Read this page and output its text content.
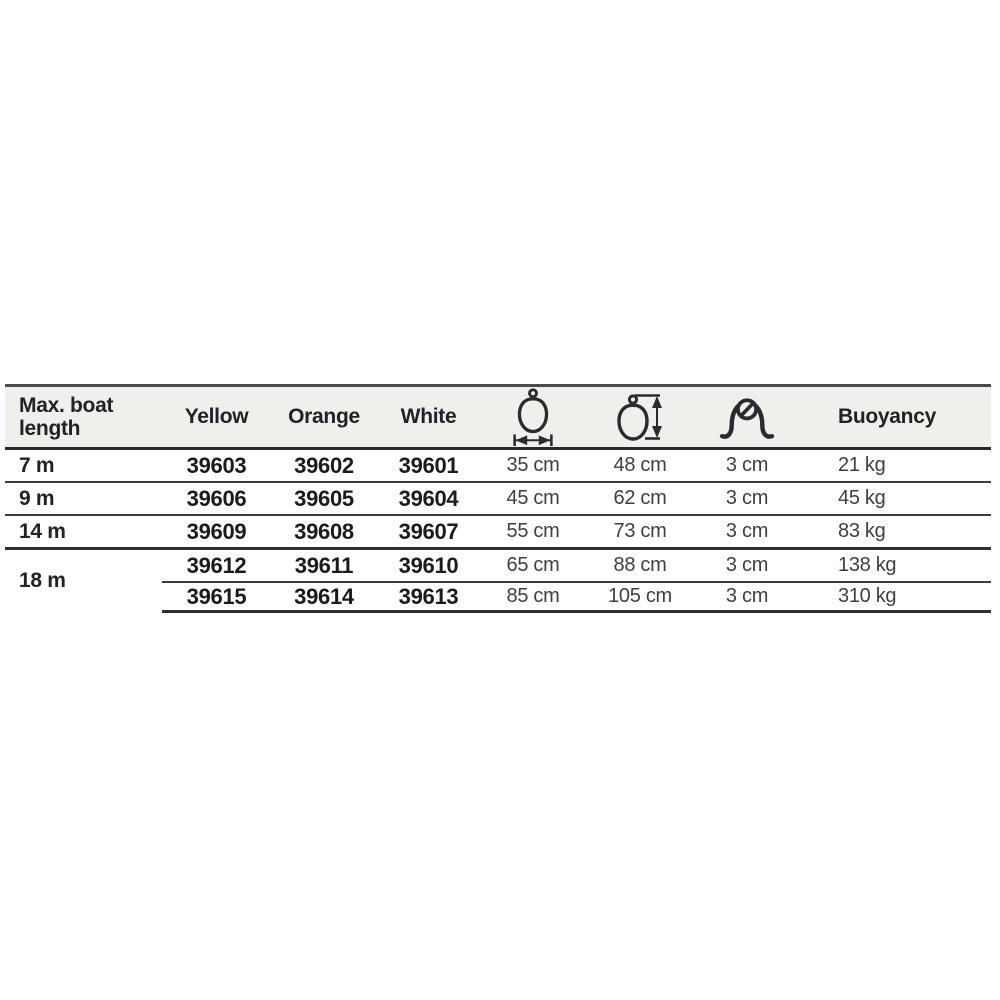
Max. boat length	Yellow	Orange	White				Buoyancy
7 m	39603	39602	39601	35 cm	48 cm	3 cm	21 kg
9 m	39606	39605	39604	45 cm	62 cm	3 cm	45 kg
14 m	39609	39608	39607	55 cm	73 cm	3 cm	83 kg
18 m	39612	39611	39610	65 cm	88 cm	3 cm	138 kg
	39615	39614	39613	85 cm	105 cm	3 cm	310 kg
